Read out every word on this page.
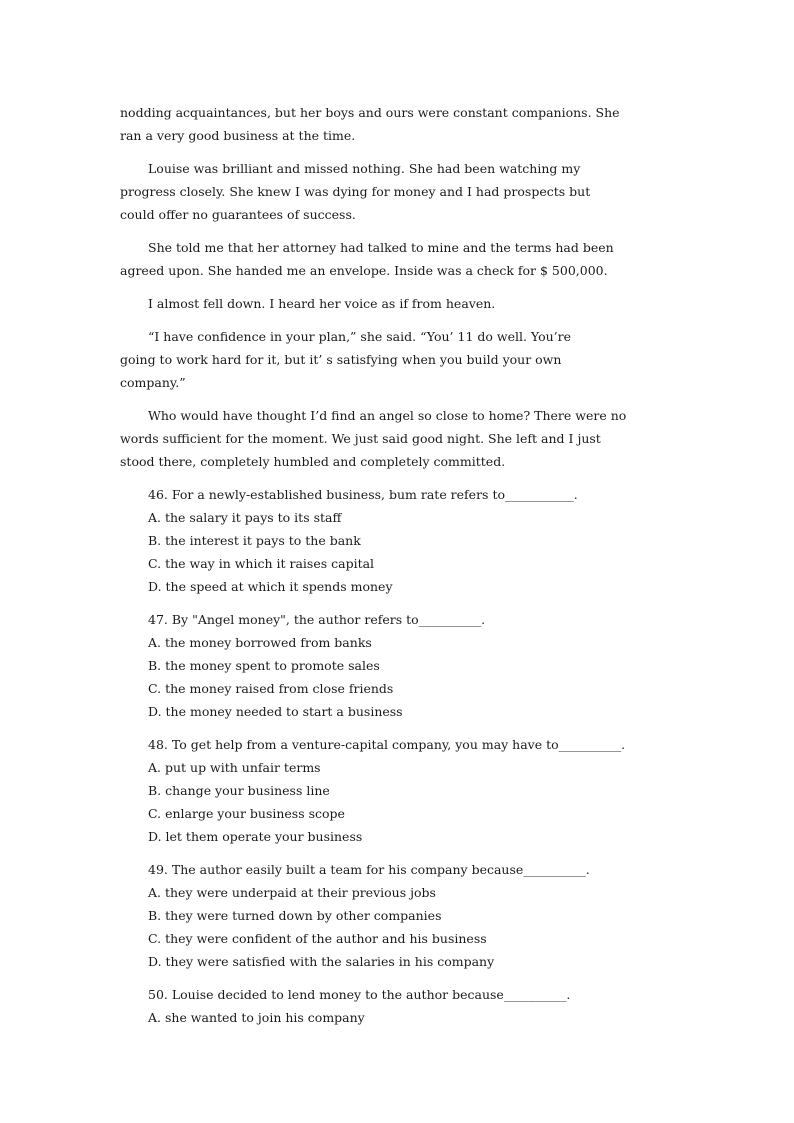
nodding acquaintances, but her boys and ours were constant companions. She
ran a very good business at the time.
Louise was brilliant and missed nothing. She had been watching my
progress closely. She knew I was dying for money and I had prospects but
could offer no guarantees of success.
She told me that her attorney had talked to mine and the terms had been
agreed upon. She handed me an envelope. Inside was a check for $ 500,000.
I almost fell down. I heard her voice as if from heaven.
“I have confidence in your plan,” she said. “You’ 11 do well. You’re
going to work hard for it, but it’ s satisfying when you build your own
company.”
Who would have thought I’d find an angel so close to home? There were no
words sufficient for the moment. We just said good night. She left and I just
stood there, completely humbled and completely committed.
46. For a newly-established business, bum rate refers to___________.
A. the salary it pays to its staff
B. the interest it pays to the bank
C. the way in which it raises capital
D. the speed at which it spends money
47. By "Angel money", the author refers to__________.
A. the money borrowed from banks
B. the money spent to promote sales
C. the money raised from close friends
D. the money needed to start a business
48. To get help from a venture-capital company, you may have to__________.
A. put up with unfair terms
B. change your business line
C. enlarge your business scope
D. let them operate your business
49. The author easily built a team for his company because__________.
A. they were underpaid at their previous jobs
B. they were turned down by other companies
C. they were confident of the author and his business
D. they were satisfied with the salaries in his company
50. Louise decided to lend money to the author because__________.
A. she wanted to join his company
